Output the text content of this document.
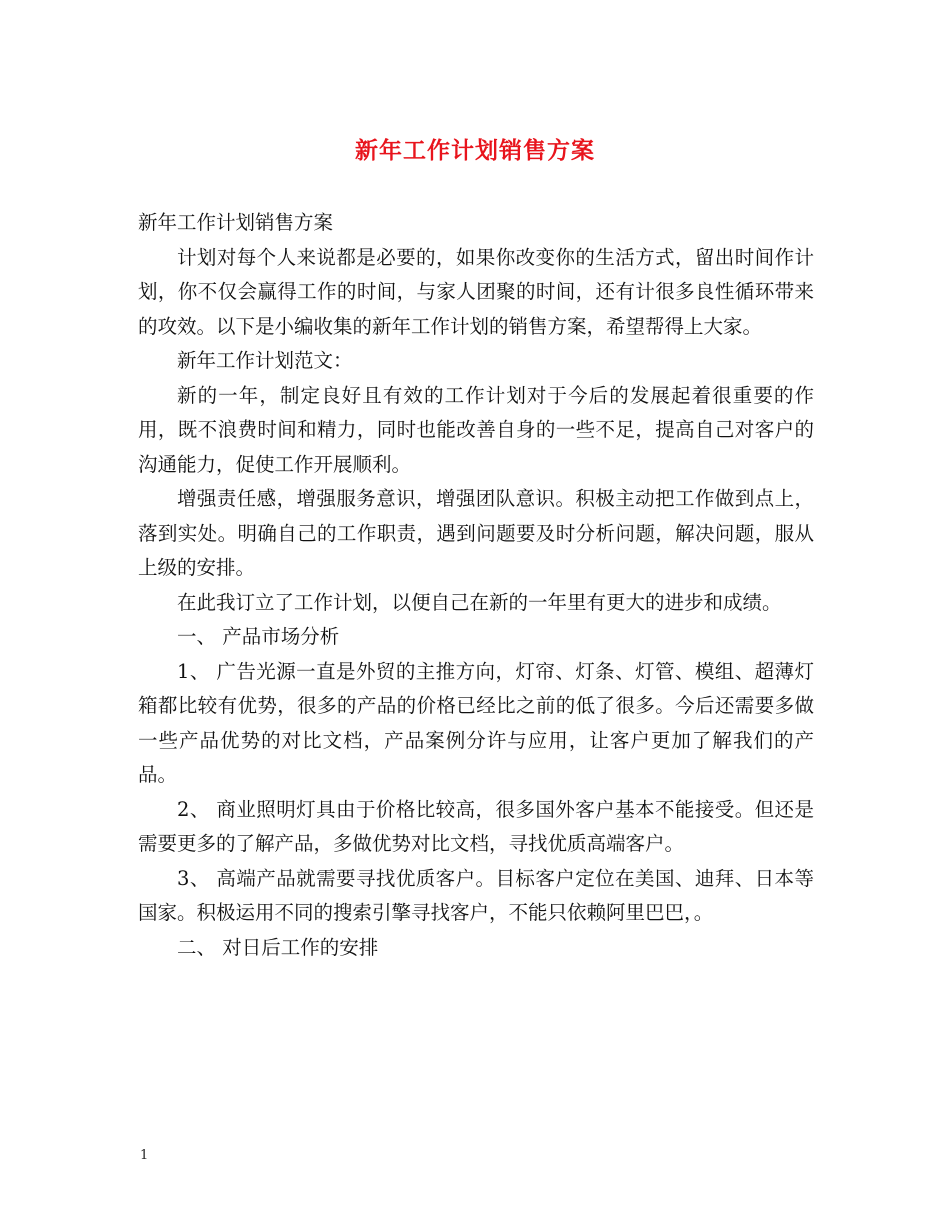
新年工作计划销售方案

新年工作计划销售方案

计划对每个人来说都是必要的，如果你改变你的生活方式，留出时间作计划，你不仅会赢得工作的时间，与家人团聚的时间，还有计很多良性循环带来的攻效。以下是小编收集的新年工作计划的销售方案，希望帮得上大家。

新年工作计划范文：

新的一年，制定良好且有效的工作计划对于今后的发展起着很重要的作用，既不浪费时间和精力，同时也能改善自身的一些不足，提高自己对客户的沟通能力，促使工作开展顺利。

增强责任感，增强服务意识，增强团队意识。积极主动把工作做到点上，落到实处。明确自己的工作职责，遇到问题要及时分析问题，解决问题，服从上级的安排。

在此我订立了工作计划，以便自己在新的一年里有更大的进步和成绩。

一、 产品市场分析

1、 广告光源一直是外贸的主推方向，灯帘、灯条、灯管、模组、超薄灯箱都比较有优势，很多的产品的价格已经比之前的低了很多。今后还需要多做一些产品优势的对比文档，产品案例分许与应用，让客户更加了解我们的产品。

2、 商业照明灯具由于价格比较高，很多国外客户基本不能接受。但还是需要更多的了解产品，多做优势对比文档，寻找优质高端客户。

3、 高端产品就需要寻找优质客户。目标客户定位在美国、迪拜、日本等国家。积极运用不同的搜索引擎寻找客户，不能只依赖阿里巴巴，。

二、 对日后工作的安排

1
